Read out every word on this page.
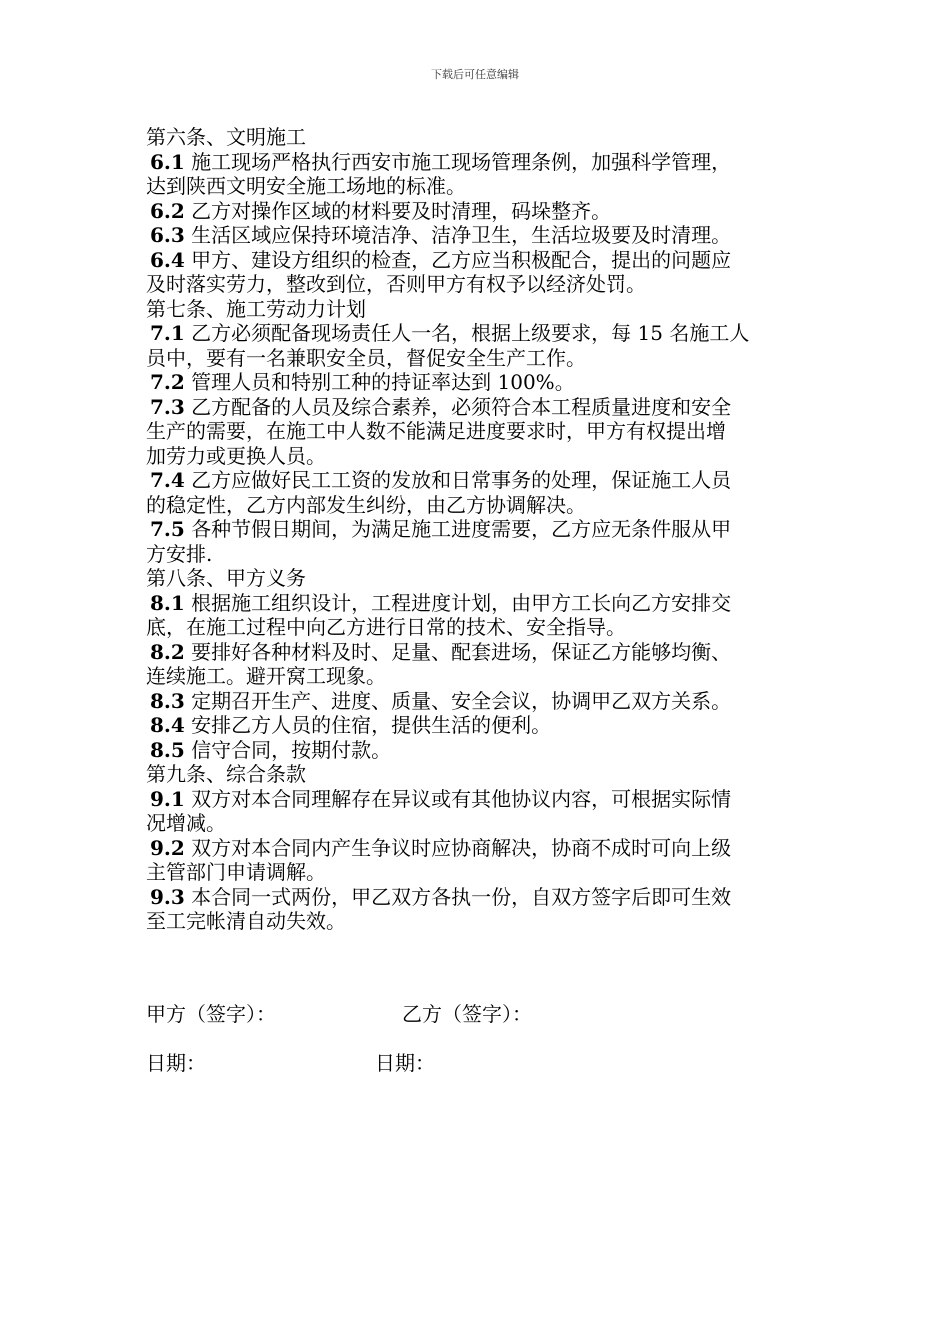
下载后可任意编辑
第六条、文明施工
6.1 施工现场严格执行西安市施工现场管理条例，加强科学管理，
达到陕西文明安全施工场地的标准。
6.2 乙方对操作区域的材料要及时清理，码垛整齐。
6.3 生活区域应保持环境洁净、洁净卫生，生活垃圾要及时清理。
6.4 甲方、建设方组织的检查，乙方应当积极配合，提出的问题应
及时落实劳力，整改到位，否则甲方有权予以经济处罚。
第七条、施工劳动力计划
7.1 乙方必须配备现场责任人一名，根据上级要求，每 15 名施工人
员中，要有一名兼职安全员，督促安全生产工作。
7.2 管理人员和特别工种的持证率达到 100%。
7.3 乙方配备的人员及综合素养，必须符合本工程质量进度和安全
生产的需要，在施工中人数不能满足进度要求时，甲方有权提出增
加劳力或更换人员。
7.4 乙方应做好民工工资的发放和日常事务的处理，保证施工人员
的稳定性，乙方内部发生纠纷，由乙方协调解决。
7.5 各种节假日期间，为满足施工进度需要，乙方应无条件服从甲
方安排.
第八条、甲方义务
8.1 根据施工组织设计，工程进度计划，由甲方工长向乙方安排交
底，在施工过程中向乙方进行日常的技术、安全指导。
8.2 要排好各种材料及时、足量、配套进场，保证乙方能够均衡、
连续施工。避开窝工现象。
8.3 定期召开生产、进度、质量、安全会议，协调甲乙双方关系。
8.4 安排乙方人员的住宿，提供生活的便利。
8.5 信守合同，按期付款。
第九条、综合条款
9.1 双方对本合同理解存在异议或有其他协议内容，可根据实际情
况增减。
9.2 双方对本合同内产生争议时应协商解决，协商不成时可向上级
主管部门申请调解。
9.3 本合同一式两份，甲乙双方各执一份，自双方签字后即可生效
至工完帐清自动失效。
甲方（签字）：	乙方（签字）：
日期：	日期：
